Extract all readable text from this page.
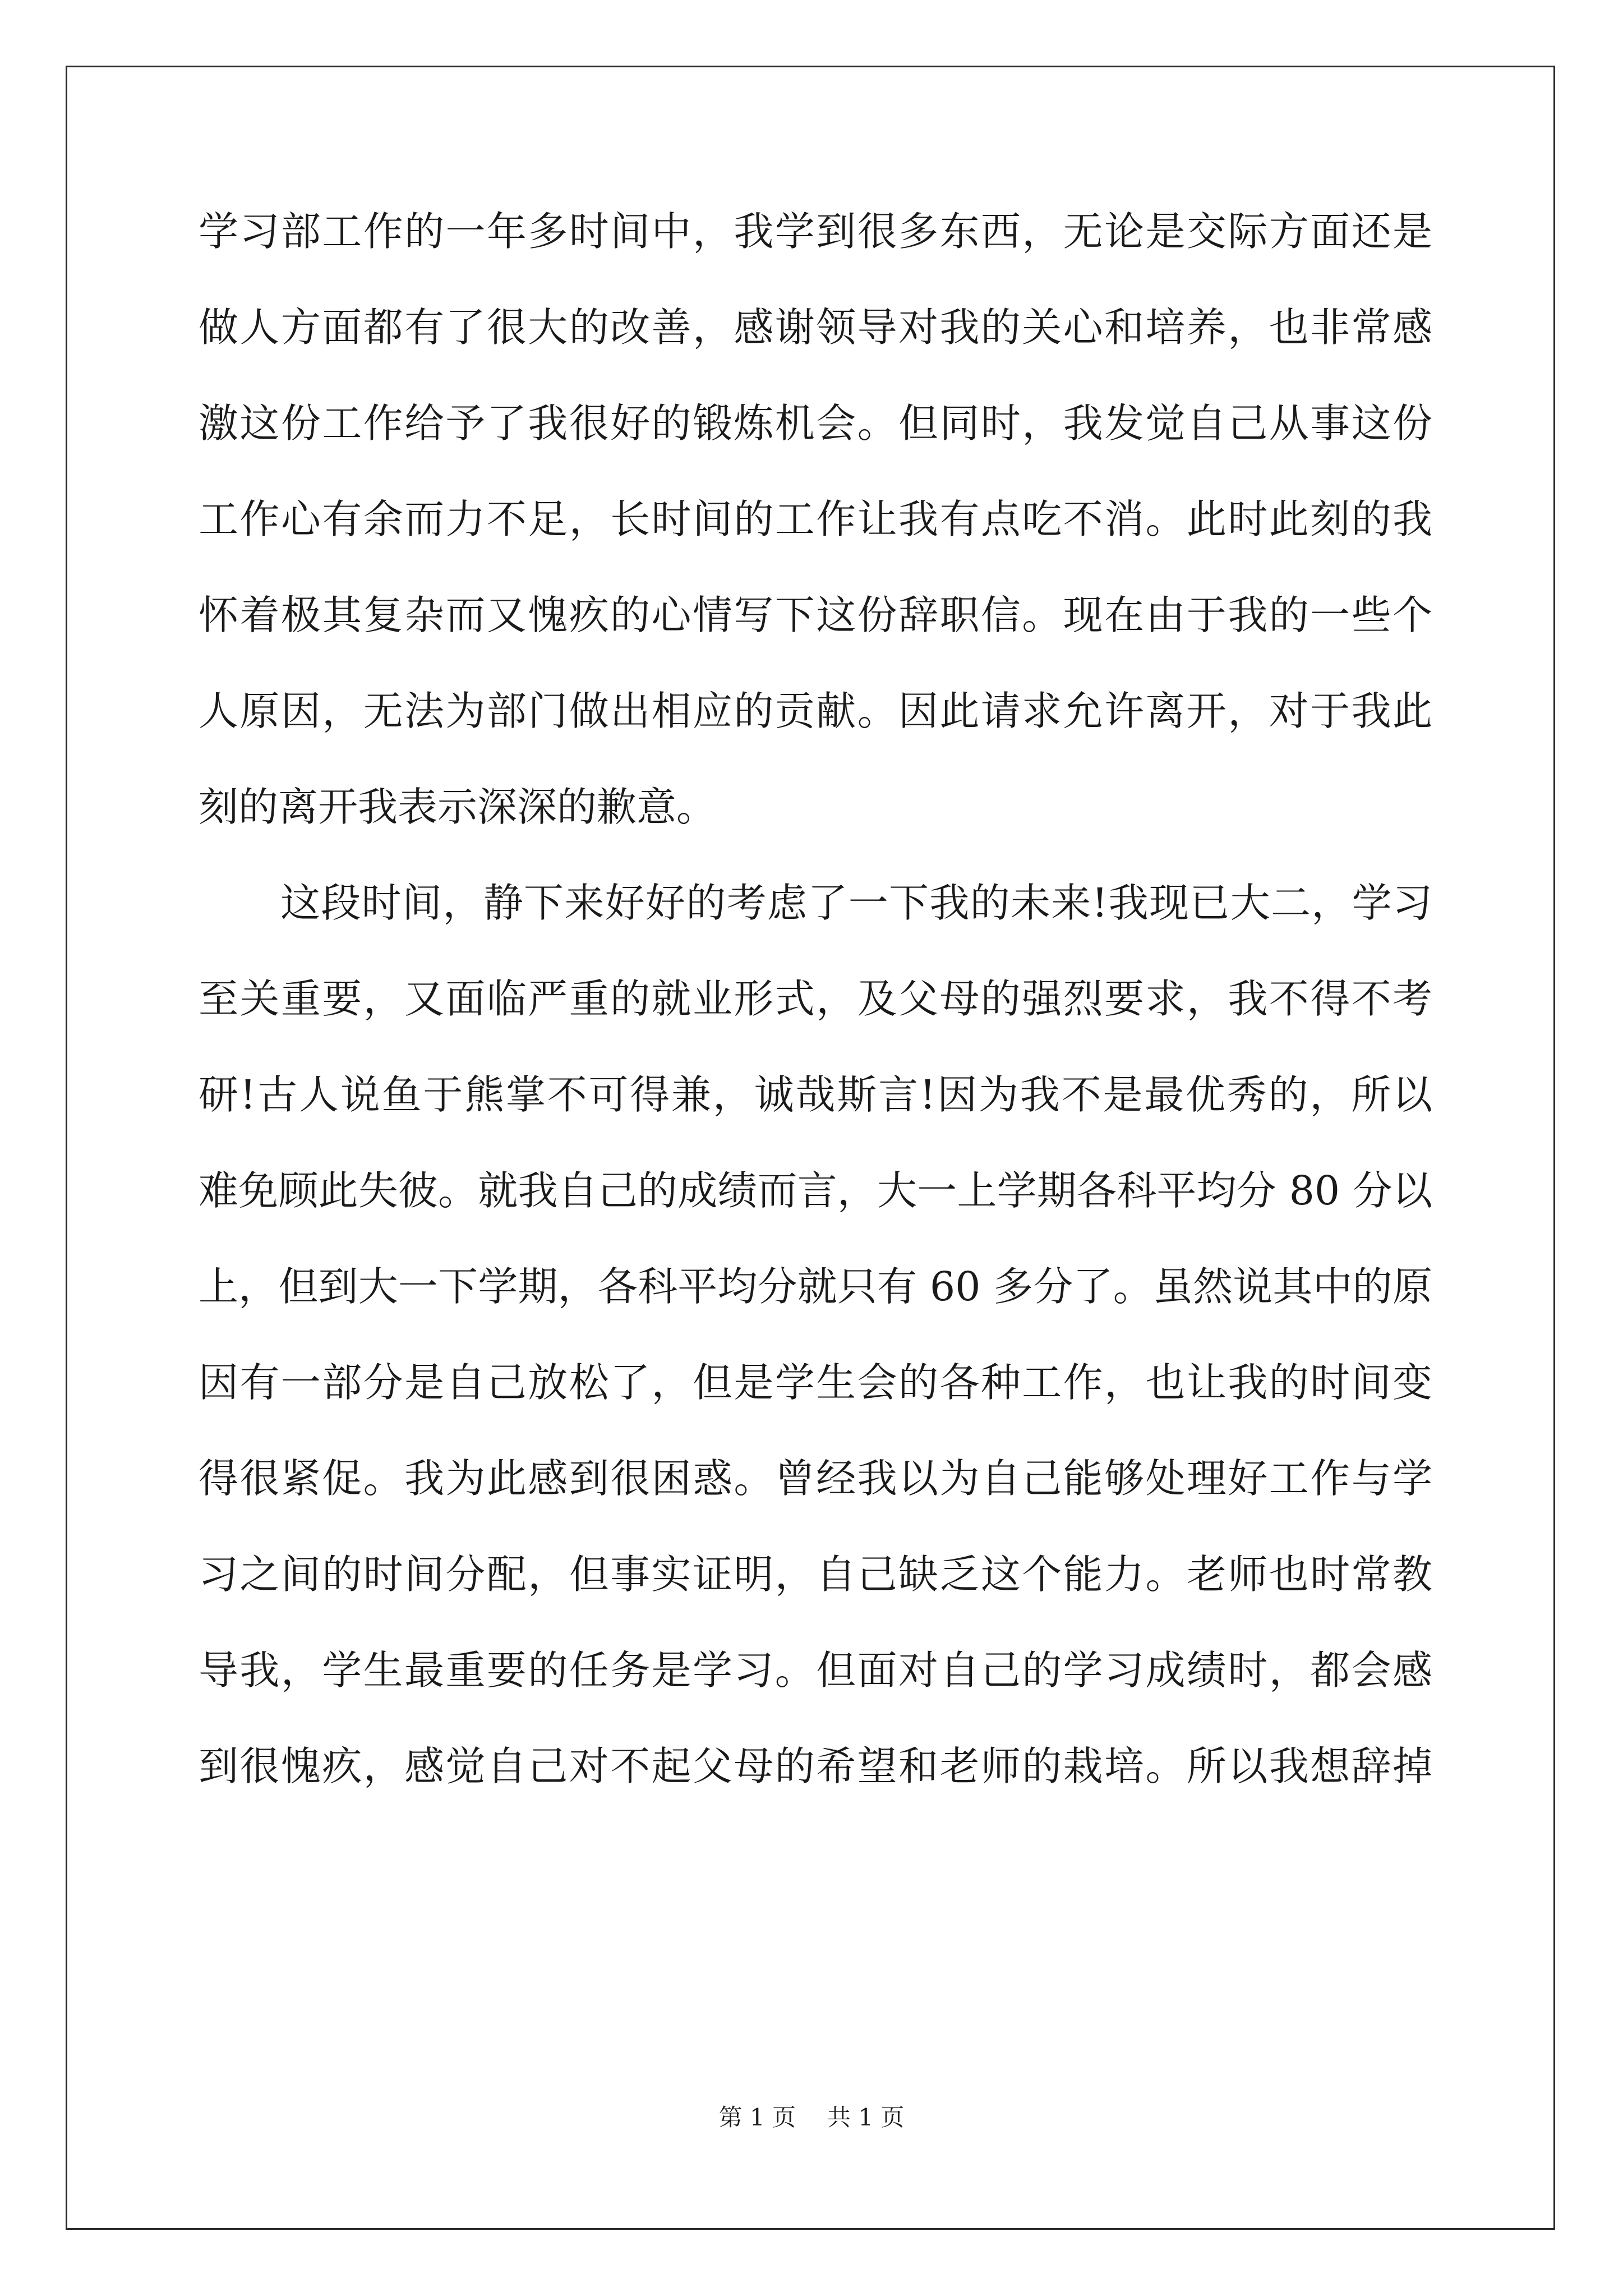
学习部工作的一年多时间中，我学到很多东西，无论是交际方面还是
做人方面都有了很大的改善，感谢领导对我的关心和培养，也非常感
激这份工作给予了我很好的锻炼机会。但同时，我发觉自己从事这份
工作心有余而力不足，长时间的工作让我有点吃不消。此时此刻的我
怀着极其复杂而又愧疚的心情写下这份辞职信。现在由于我的一些个
人原因，无法为部门做出相应的贡献。因此请求允许离开，对于我此
刻的离开我表示深深的歉意。
这段时间，静下来好好的考虑了一下我的未来!我现已大二，学习
至关重要，又面临严重的就业形式，及父母的强烈要求，我不得不考
研!古人说鱼于熊掌不可得兼，诚哉斯言!因为我不是最优秀的，所以
难免顾此失彼。就我自己的成绩而言，大一上学期各科平均分 80 分以
上，但到大一下学期，各科平均分就只有 60 多分了。虽然说其中的原
因有一部分是自己放松了，但是学生会的各种工作，也让我的时间变
得很紧促。我为此感到很困惑。曾经我以为自己能够处理好工作与学
习之间的时间分配，但事实证明，自己缺乏这个能力。老师也时常教
导我，学生最重要的任务是学习。但面对自己的学习成绩时，都会感
到很愧疚，感觉自己对不起父母的希望和老师的栽培。所以我想辞掉
第 1 页 共 1 页
